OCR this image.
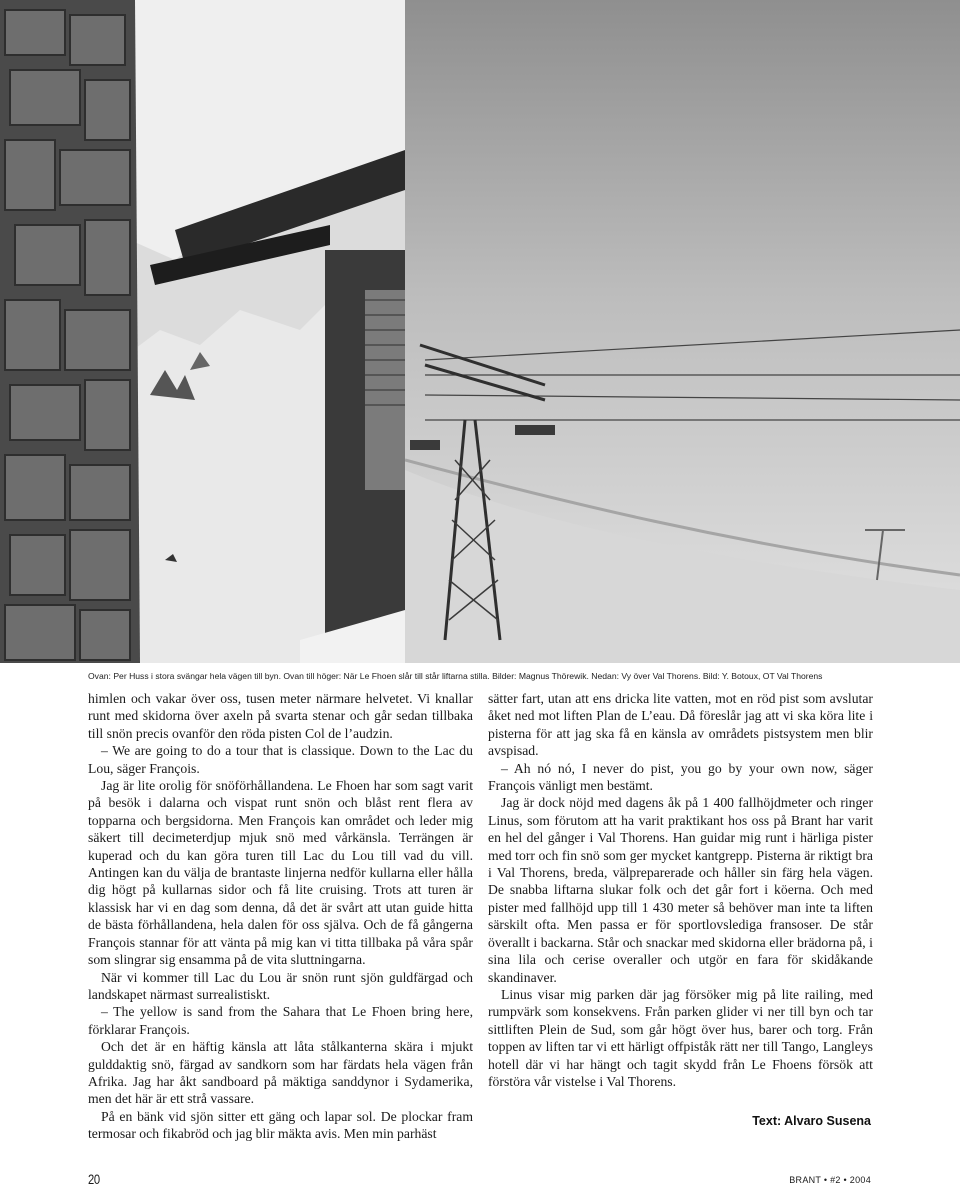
Ovan: Per Huss i stora svängar hela vägen till byn. Ovan till höger: När Le Fhoen slår till står liftarna stilla. Bilder: Magnus Thörewik. Nedan: Vy över Val Thorens. Bild: Y. Botoux, OT Val Thorens

himlen och vakar över oss, tusen meter närmare helvetet. Vi knallar runt med skidorna över axeln på svarta stenar och går sedan tillbaka till snön precis ovanför den röda pisten Col de l’audzin.

– We are going to do a tour that is classique. Down to the Lac du Lou, säger François.

Jag är lite orolig för snöförhållandena. Le Fhoen har som sagt varit på besök i dalarna och vispat runt snön och blåst rent flera av topparna och bergsidorna. Men François kan området och leder mig säkert till decimeterdjup mjuk snö med vårkänsla. Terrängen är kuperad och du kan göra turen till Lac du Lou till vad du vill. Antingen kan du välja de brantaste linjerna nedför kullarna eller hålla dig högt på kullarnas sidor och få lite cruising. Trots att turen är klassisk har vi en dag som denna, då det är svårt att utan guide hitta de bästa förhållandena, hela dalen för oss själva. Och de få gångerna François stannar för att vänta på mig kan vi titta tillbaka på våra spår som slingrar sig ensamma på de vita sluttningarna.

När vi kommer till Lac du Lou är snön runt sjön guldfärgad och landskapet närmast surrealistiskt.

– The yellow is sand from the Sahara that Le Fhoen bring here, förklarar François.

Och det är en häftig känsla att låta stålkanterna skära i mjukt gulddaktig snö, färgad av sandkorn som har färdats hela vägen från Afrika. Jag har åkt sandboard på mäktiga sanddynor i Sydamerika, men det här är ett strå vassare.

På en bänk vid sjön sitter ett gäng och lapar sol. De plockar fram termosar och fikabröd och jag blir mäktа avis. Men min parhäst

sätter fart, utan att ens dricka lite vatten, mot en röd pist som avslutar åket ned mot liften Plan de L’eau. Då föreslår jag att vi ska köra lite i pisterna för att jag ska få en känsla av områdets pistsystem men blir avspisad.

– Ah nó nó, I never do pist, you go by your own now, säger François vänligt men bestämt.

Jag är dock nöjd med dagens åk på 1 400 fallhöjdmeter och ringer Linus, som förutom att ha varit praktikant hos oss på Brant har varit en hel del gånger i Val Thorens. Han guidar mig runt i härliga pister med torr och fin snö som ger mycket kantgrepp. Pisterna är riktigt bra i Val Thorens, breda, välpreparerade och håller sin färg hela vägen. De snabba liftarna slukar folk och det går fort i köerna. Och med pister med fallhöjd upp till 1 430 meter så behöver man inte ta liften särskilt ofta. Men passa er för sportlovslediga fransoser. De står överallt i backarna. Står och snackar med skidorna eller brädorna på, i sina lila och cerise overaller och utgör en fara för skidåkande skandinaver.

Linus visar mig parken där jag försöker mig på lite railing, med rumpvärk som konsekvens. Från parken glider vi ner till byn och tar sittliften Plein de Sud, som går högt över hus, barer och torg. Från toppen av liften tar vi ett härligt offpiståk rätt ner till Tango, Langleys hotell där vi har hängt och tagit skydd från Le Fhoens försök att förstöra vår vistelse i Val Thorens.

Text: Alvaro Susena
20	BRANT • #2 • 2004
